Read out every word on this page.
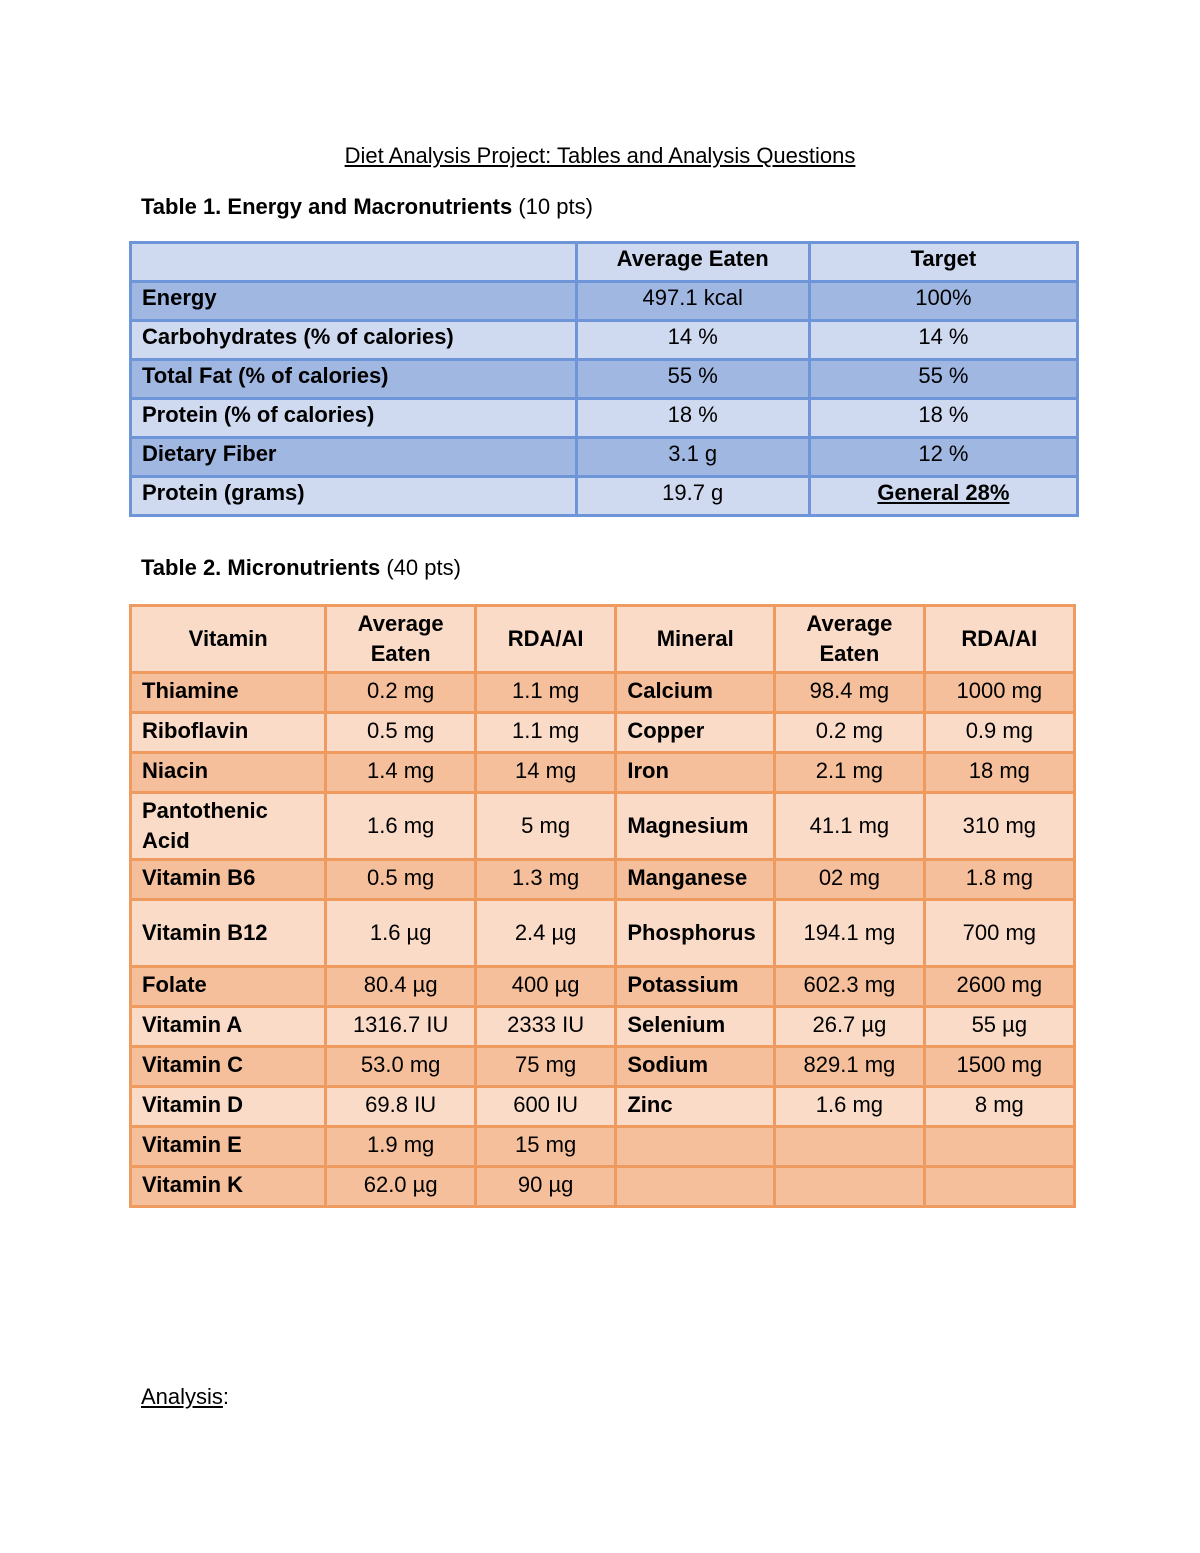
Diet Analysis Project: Tables and Analysis Questions
Table 1. Energy and Macronutrients (10 pts)
	Average Eaten	Target
Energy	497.1 kcal	100%
Carbohydrates (% of calories)	14 %	14 %
Total Fat (% of calories)	55 %	55 %
Protein (% of calories)	18 %	18 %
Dietary Fiber	3.1 g	12 %
Protein (grams)	19.7 g	General 28%
Table 2. Micronutrients (40 pts)
Vitamin	Average Eaten	RDA/AI	Mineral	Average Eaten	RDA/AI
Thiamine	0.2 mg	1.1 mg	Calcium	98.4 mg	1000 mg
Riboflavin	0.5 mg	1.1 mg	Copper	0.2 mg	0.9 mg
Niacin	1.4 mg	14 mg	Iron	2.1 mg	18 mg
Pantothenic Acid	1.6 mg	5 mg	Magnesium	41.1 mg	310 mg
Vitamin B6	0.5 mg	1.3 mg	Manganese	02 mg	1.8 mg
Vitamin B12	1.6 µg	2.4 µg	Phosphorus	194.1 mg	700 mg
Folate	80.4 µg	400 µg	Potassium	602.3 mg	2600 mg
Vitamin A	1316.7 IU	2333 IU	Selenium	26.7 µg	55 µg
Vitamin C	53.0 mg	75 mg	Sodium	829.1 mg	1500 mg
Vitamin D	69.8 IU	600 IU	Zinc	1.6 mg	8 mg
Vitamin E	1.9 mg	15 mg			
Vitamin K	62.0 µg	90 µg			
Analysis:
